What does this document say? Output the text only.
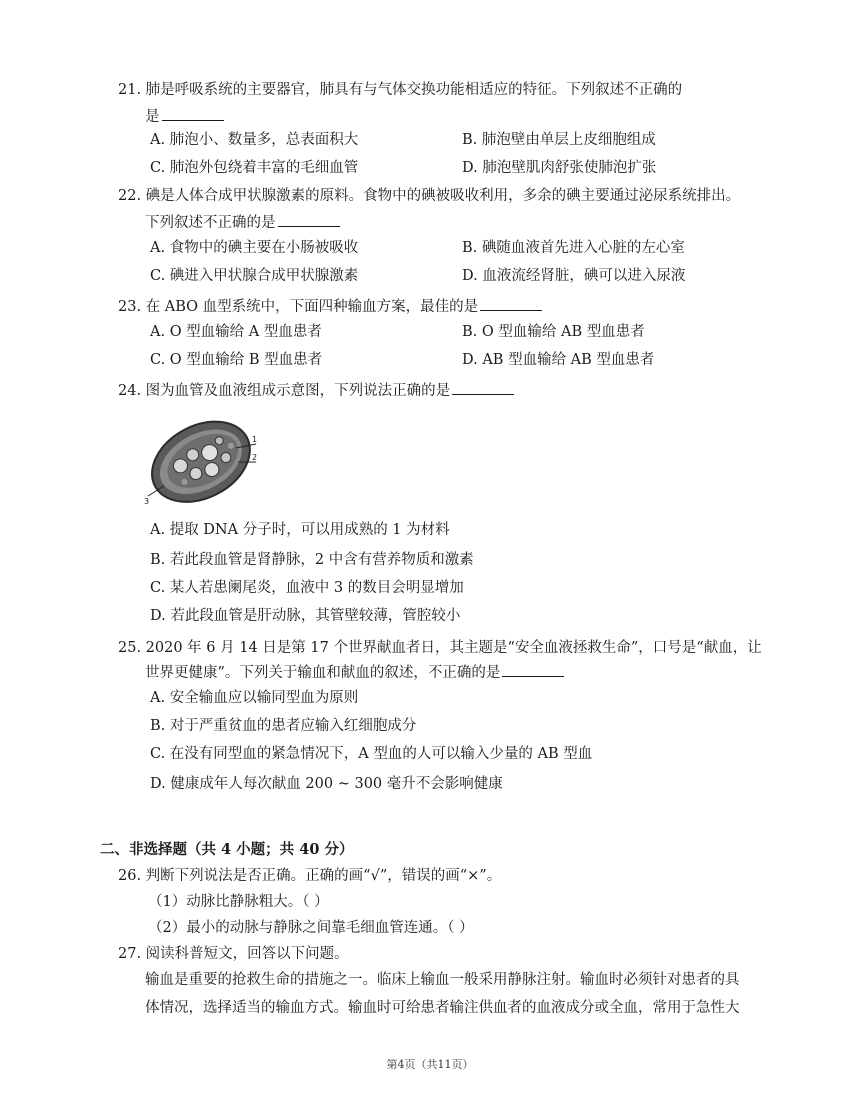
21. 肺是呼吸系统的主要器官，肺具有与气体交换功能相适应的特征。下列叙述不正确的
是
A. 肺泡小、数量多，总表面积大	B. 肺泡壁由单层上皮细胞组成
C. 肺泡外包绕着丰富的毛细血管	D. 肺泡壁肌肉舒张使肺泡扩张
22. 碘是人体合成甲状腺激素的原料。食物中的碘被吸收利用，多余的碘主要通过泌尿系统排出。
下列叙述不正确的是
A. 食物中的碘主要在小肠被吸收	B. 碘随血液首先进入心脏的左心室
C. 碘进入甲状腺合成甲状腺激素	D. 血液流经肾脏，碘可以进入尿液
23. 在 ABO 血型系统中，下面四种输血方案，最佳的是
A. O 型血输给 A 型血患者	B. O 型血输给 AB 型血患者
C. O 型血输给 B 型血患者	D. AB 型血输给 AB 型血患者
24. 图为血管及血液组成示意图，下列说法正确的是
1
2
3
A. 提取 DNA 分子时，可以用成熟的 1 为材料
B. 若此段血管是肾静脉，2 中含有营养物质和激素
C. 某人若患阑尾炎，血液中 3 的数目会明显增加
D. 若此段血管是肝动脉，其管壁较薄，管腔较小
25. 2020 年 6 月 14 日是第 17 个世界献血者日，其主题是“安全血液拯救生命”，口号是“献血，让
世界更健康”。下列关于输血和献血的叙述，不正确的是
A. 安全输血应以输同型血为原则
B. 对于严重贫血的患者应输入红细胞成分
C. 在没有同型血的紧急情况下，A 型血的人可以输入少量的 AB 型血
D. 健康成年人每次献血 200 ~ 300 毫升不会影响健康
二、非选择题（共 4 小题；共 40 分）
26. 判断下列说法是否正确。正确的画“√”，错误的画“×”。
（1）动脉比静脉粗大。（ ）
（2）最小的动脉与静脉之间靠毛细血管连通。（ ）
27. 阅读科普短文，回答以下问题。
输血是重要的抢救生命的措施之一。临床上输血一般采用静脉注射。输血时必须针对患者的具
体情况，选择适当的输血方式。输血时可给患者输注供血者的血液成分或全血，常用于急性大
第4页（共11页）
